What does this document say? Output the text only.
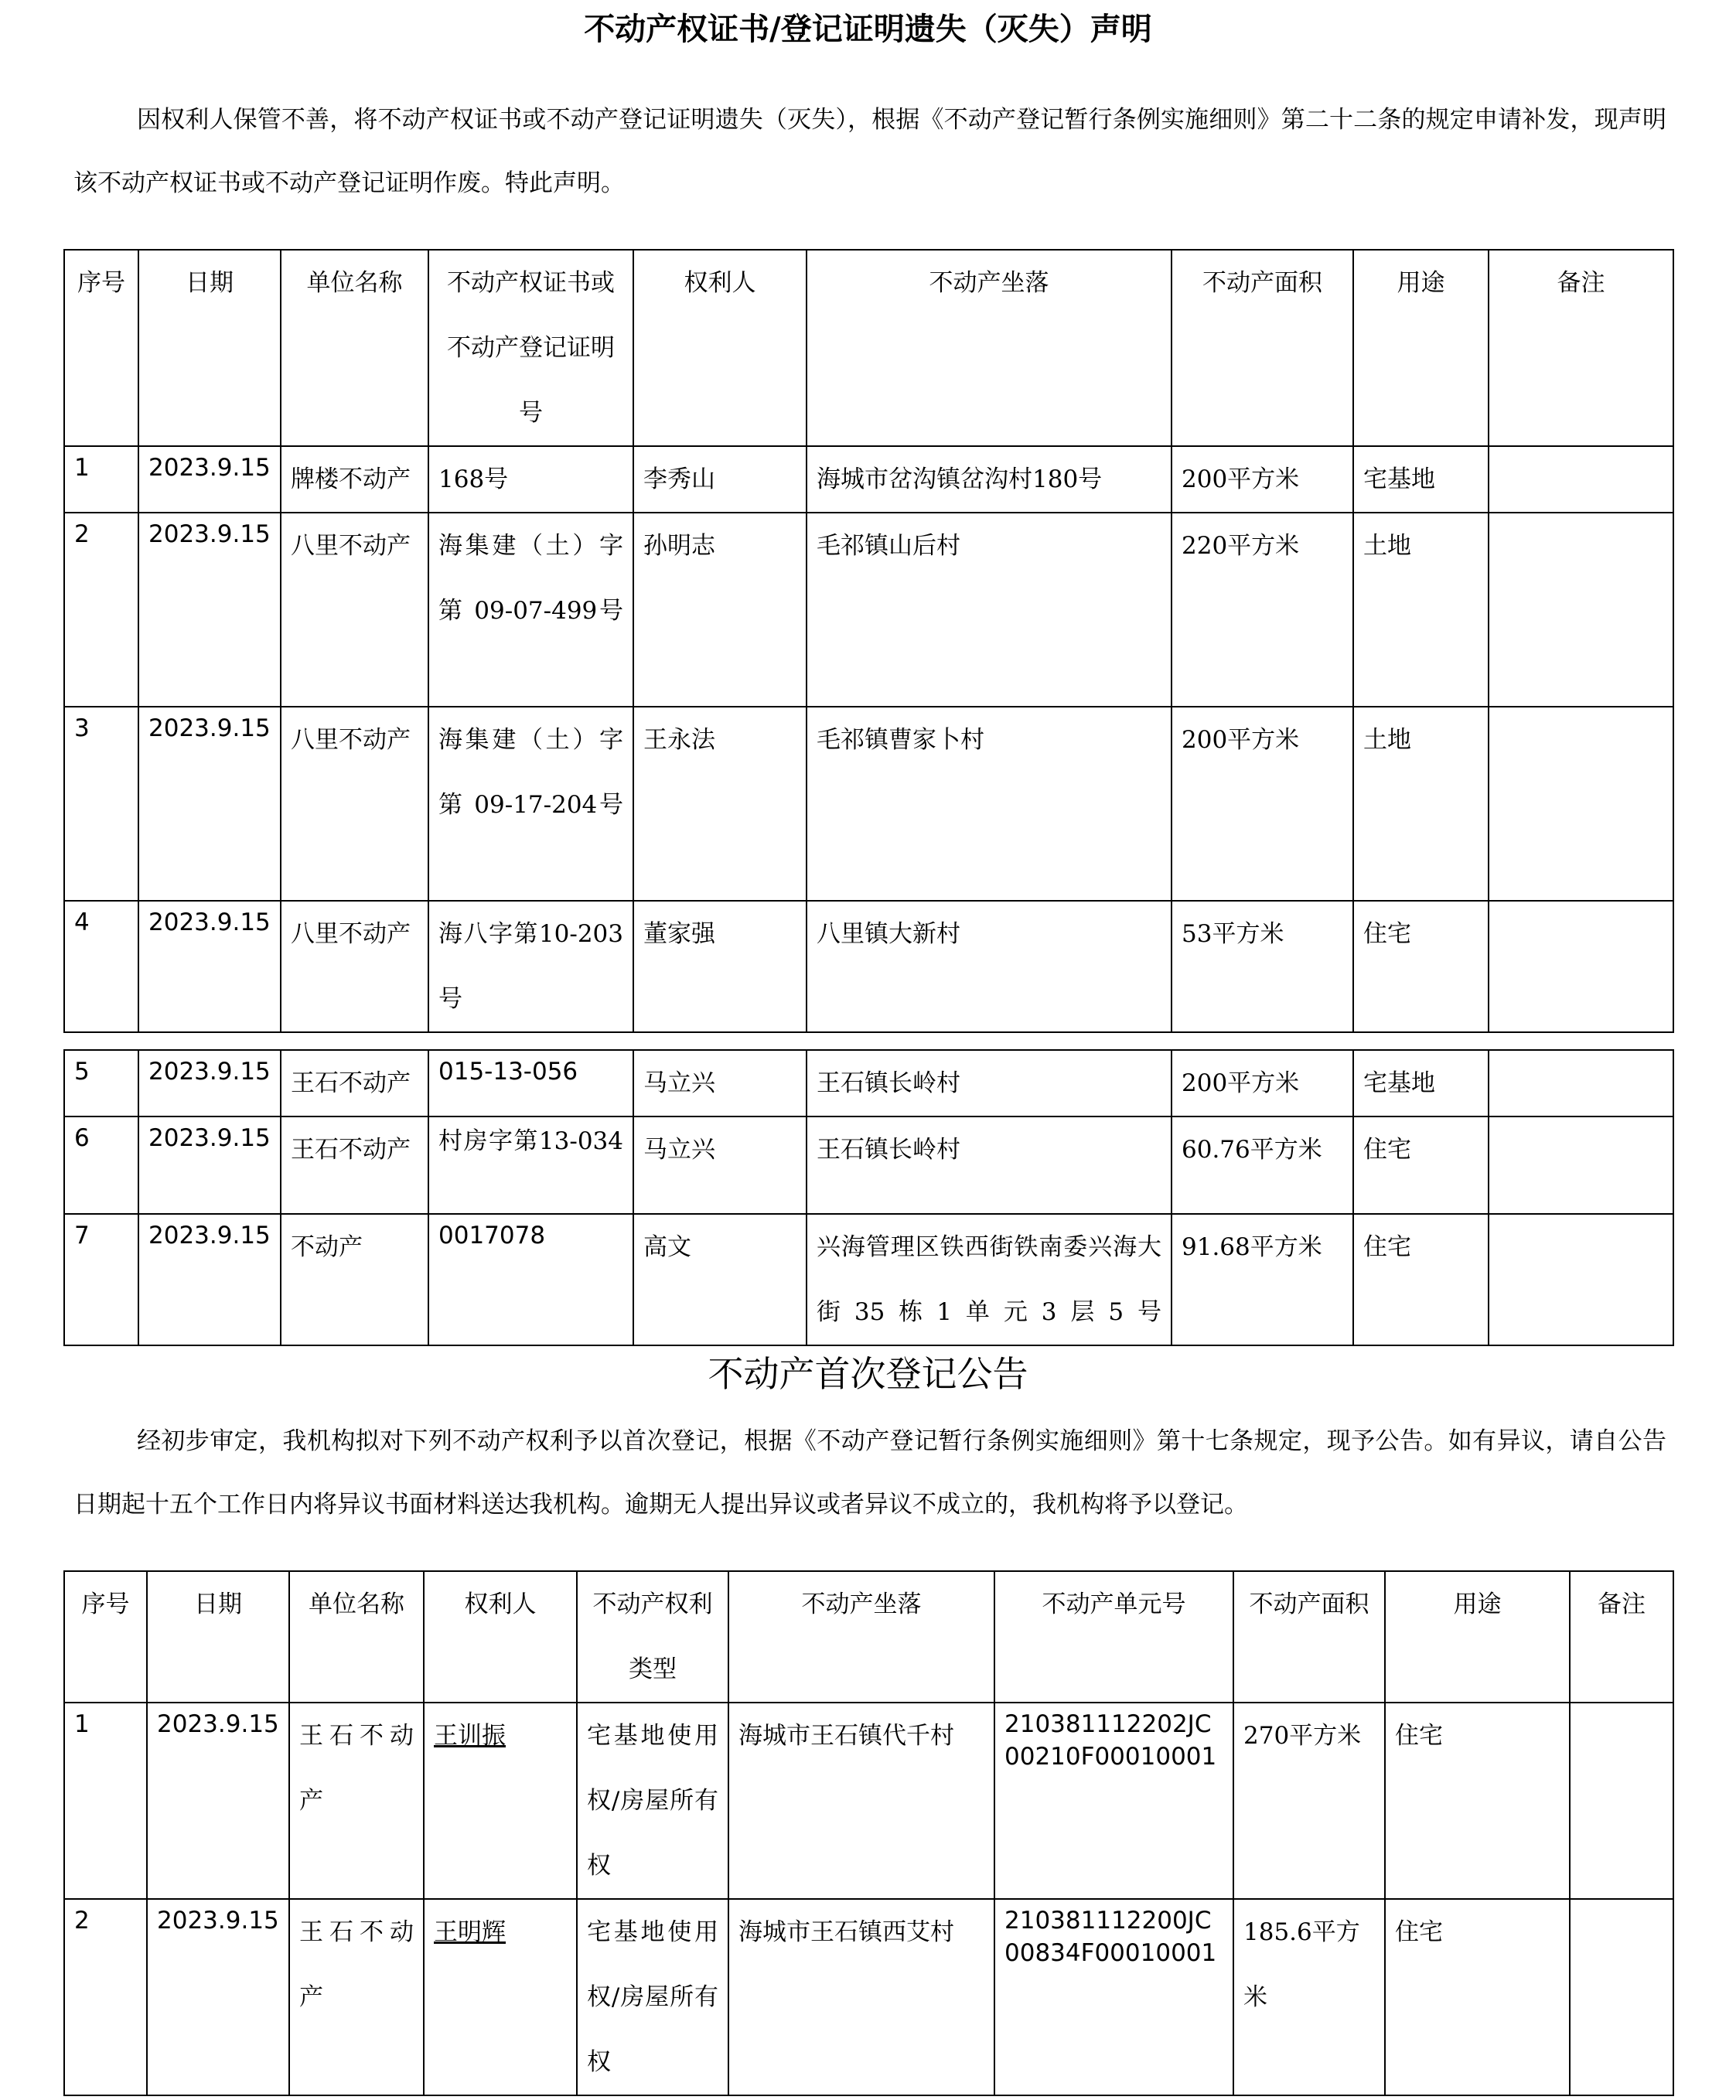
不动产权证书/登记证明遗失（灭失）声明
因权利人保管不善，将不动产权证书或不动产登记证明遗失（灭失），根据《不动产登记暂行条例实施细则》第二十二条的规定申请补发，现声明该不动产权证书或不动产登记证明作废。特此声明。
序号	日期	单位名称	不动产权证书或不动产登记证明号	权利人	不动产坐落	不动产面积	用途	备注
1	2023.9.15	牌楼不动产	168号	李秀山	海城市岔沟镇岔沟村180号	200平方米	宅基地	
2	2023.9.15	八里不动产	海集建（土）字第 09-07-499号	孙明志	毛祁镇山后村	220平方米	土地	
3	2023.9.15	八里不动产	海集建（土）字第 09-17-204号	王永法	毛祁镇曹家卜村	200平方米	土地	
4	2023.9.15	八里不动产	海八字第10-203号	董家强	八里镇大新村	53平方米	住宅	
5	2023.9.15	王石不动产	015-13-056	马立兴	王石镇长岭村	200平方米	宅基地	
6	2023.9.15	王石不动产	村房字第13-034	马立兴	王石镇长岭村	60.76平方米	住宅	
7	2023.9.15	不动产	0017078	高文	兴海管理区铁西街铁南委兴海大街35栋1单元3层5号	91.68平方米	住宅	
不动产首次登记公告
经初步审定，我机构拟对下列不动产权利予以首次登记，根据《不动产登记暂行条例实施细则》第十七条规定，现予公告。如有异议，请自公告日期起十五个工作日内将异议书面材料送达我机构。逾期无人提出异议或者异议不成立的，我机构将予以登记。
序号	日期	单位名称	权利人	不动产权利类型	不动产坐落	不动产单元号	不动产面积	用途	备注
1	2023.9.15	王石不动产	王训振	宅基地使用权/房屋所有权	海城市王石镇代千村	210381112202JC00210F00010001	270平方米	住宅	
2	2023.9.15	王石不动产	王明辉	宅基地使用权/房屋所有权	海城市王石镇西艾村	210381112200JC00834F00010001	185.6平方米	住宅	
